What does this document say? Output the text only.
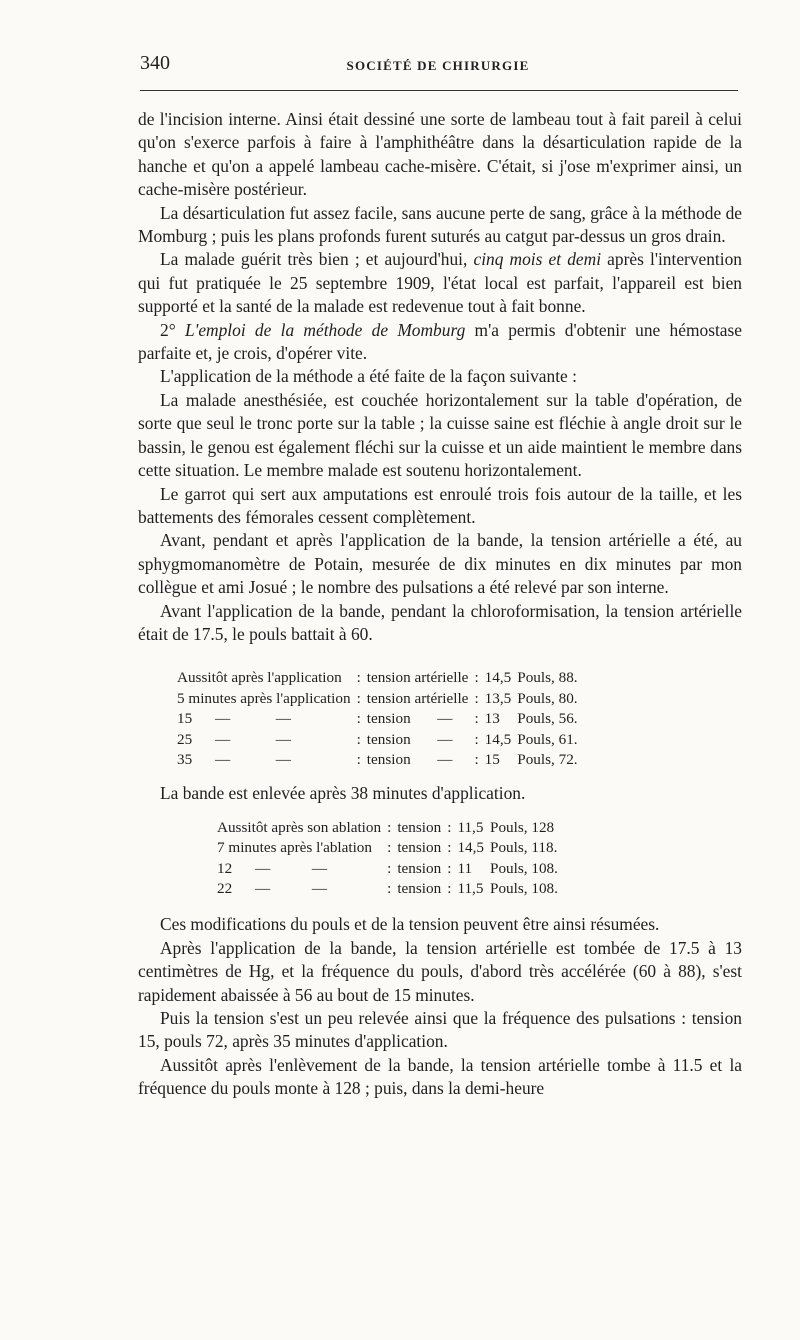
340	SOCIÉTÉ DE CHIRURGIE

de l'incision interne. Ainsi était dessiné une sorte de lambeau tout à fait pareil à celui qu'on s'exerce parfois à faire à l'amphithéâtre dans la désarticulation rapide de la hanche et qu'on a appelé lambeau cache-misère. C'était, si j'ose m'exprimer ainsi, un cache-misère postérieur.

La désarticulation fut assez facile, sans aucune perte de sang, grâce à la méthode de Momburg ; puis les plans profonds furent suturés au catgut par-dessus un gros drain.

La malade guérit très bien ; et aujourd'hui, cinq mois et demi après l'intervention qui fut pratiquée le 25 septembre 1909, l'état local est parfait, l'appareil est bien supporté et la santé de la malade est redevenue tout à fait bonne.

2° L'emploi de la méthode de Momburg m'a permis d'obtenir une hémostase parfaite et, je crois, d'opérer vite.

L'application de la méthode a été faite de la façon suivante :

La malade anesthésiée, est couchée horizontalement sur la table d'opération, de sorte que seul le tronc porte sur la table ; la cuisse saine est fléchie à angle droit sur le bassin, le genou est également fléchi sur la cuisse et un aide maintient le membre dans cette situation. Le membre malade est soutenu horizontalement.

Le garrot qui sert aux amputations est enroulé trois fois autour de la taille, et les battements des fémorales cessent complètement.

Avant, pendant et après l'application de la bande, la tension artérielle a été, au sphygmomanomètre de Potain, mesurée de dix minutes en dix minutes par mon collègue et ami Josué ; le nombre des pulsations a été relevé par son interne.

Avant l'application de la bande, pendant la chloroformisation, la tension artérielle était de 17.5, le pouls battait à 60.

Aussitôt après l'application	:	tension artérielle	:	14,5	Pouls, 88.
5 minutes après l'application	:	tension artérielle	:	13,5	Pouls, 80.
15      —            —	:	tension       —	:	13	Pouls, 56.
25      —            —	:	tension       —	:	14,5	Pouls, 61.
35      —            —	:	tension       —	:	15	Pouls, 72.

La bande est enlevée après 38 minutes d'application.

Aussitôt après son ablation	:	tension	:	11,5	Pouls, 128
7 minutes après l'ablation	:	tension	:	14,5	Pouls, 118.
12      —           —	:	tension	:	11	Pouls, 108.
22      —           —	:	tension	:	11,5	Pouls, 108.

Ces modifications du pouls et de la tension peuvent être ainsi résumées.

Après l'application de la bande, la tension artérielle est tombée de 17.5 à 13 centimètres de Hg, et la fréquence du pouls, d'abord très accélérée (60 à 88), s'est rapidement abaissée à 56 au bout de 15 minutes.

Puis la tension s'est un peu relevée ainsi que la fréquence des pulsations : tension 15, pouls 72, après 35 minutes d'application.

Aussitôt après l'enlèvement de la bande, la tension artérielle tombe à 11.5 et la fréquence du pouls monte à 128 ; puis, dans la demi-heure
